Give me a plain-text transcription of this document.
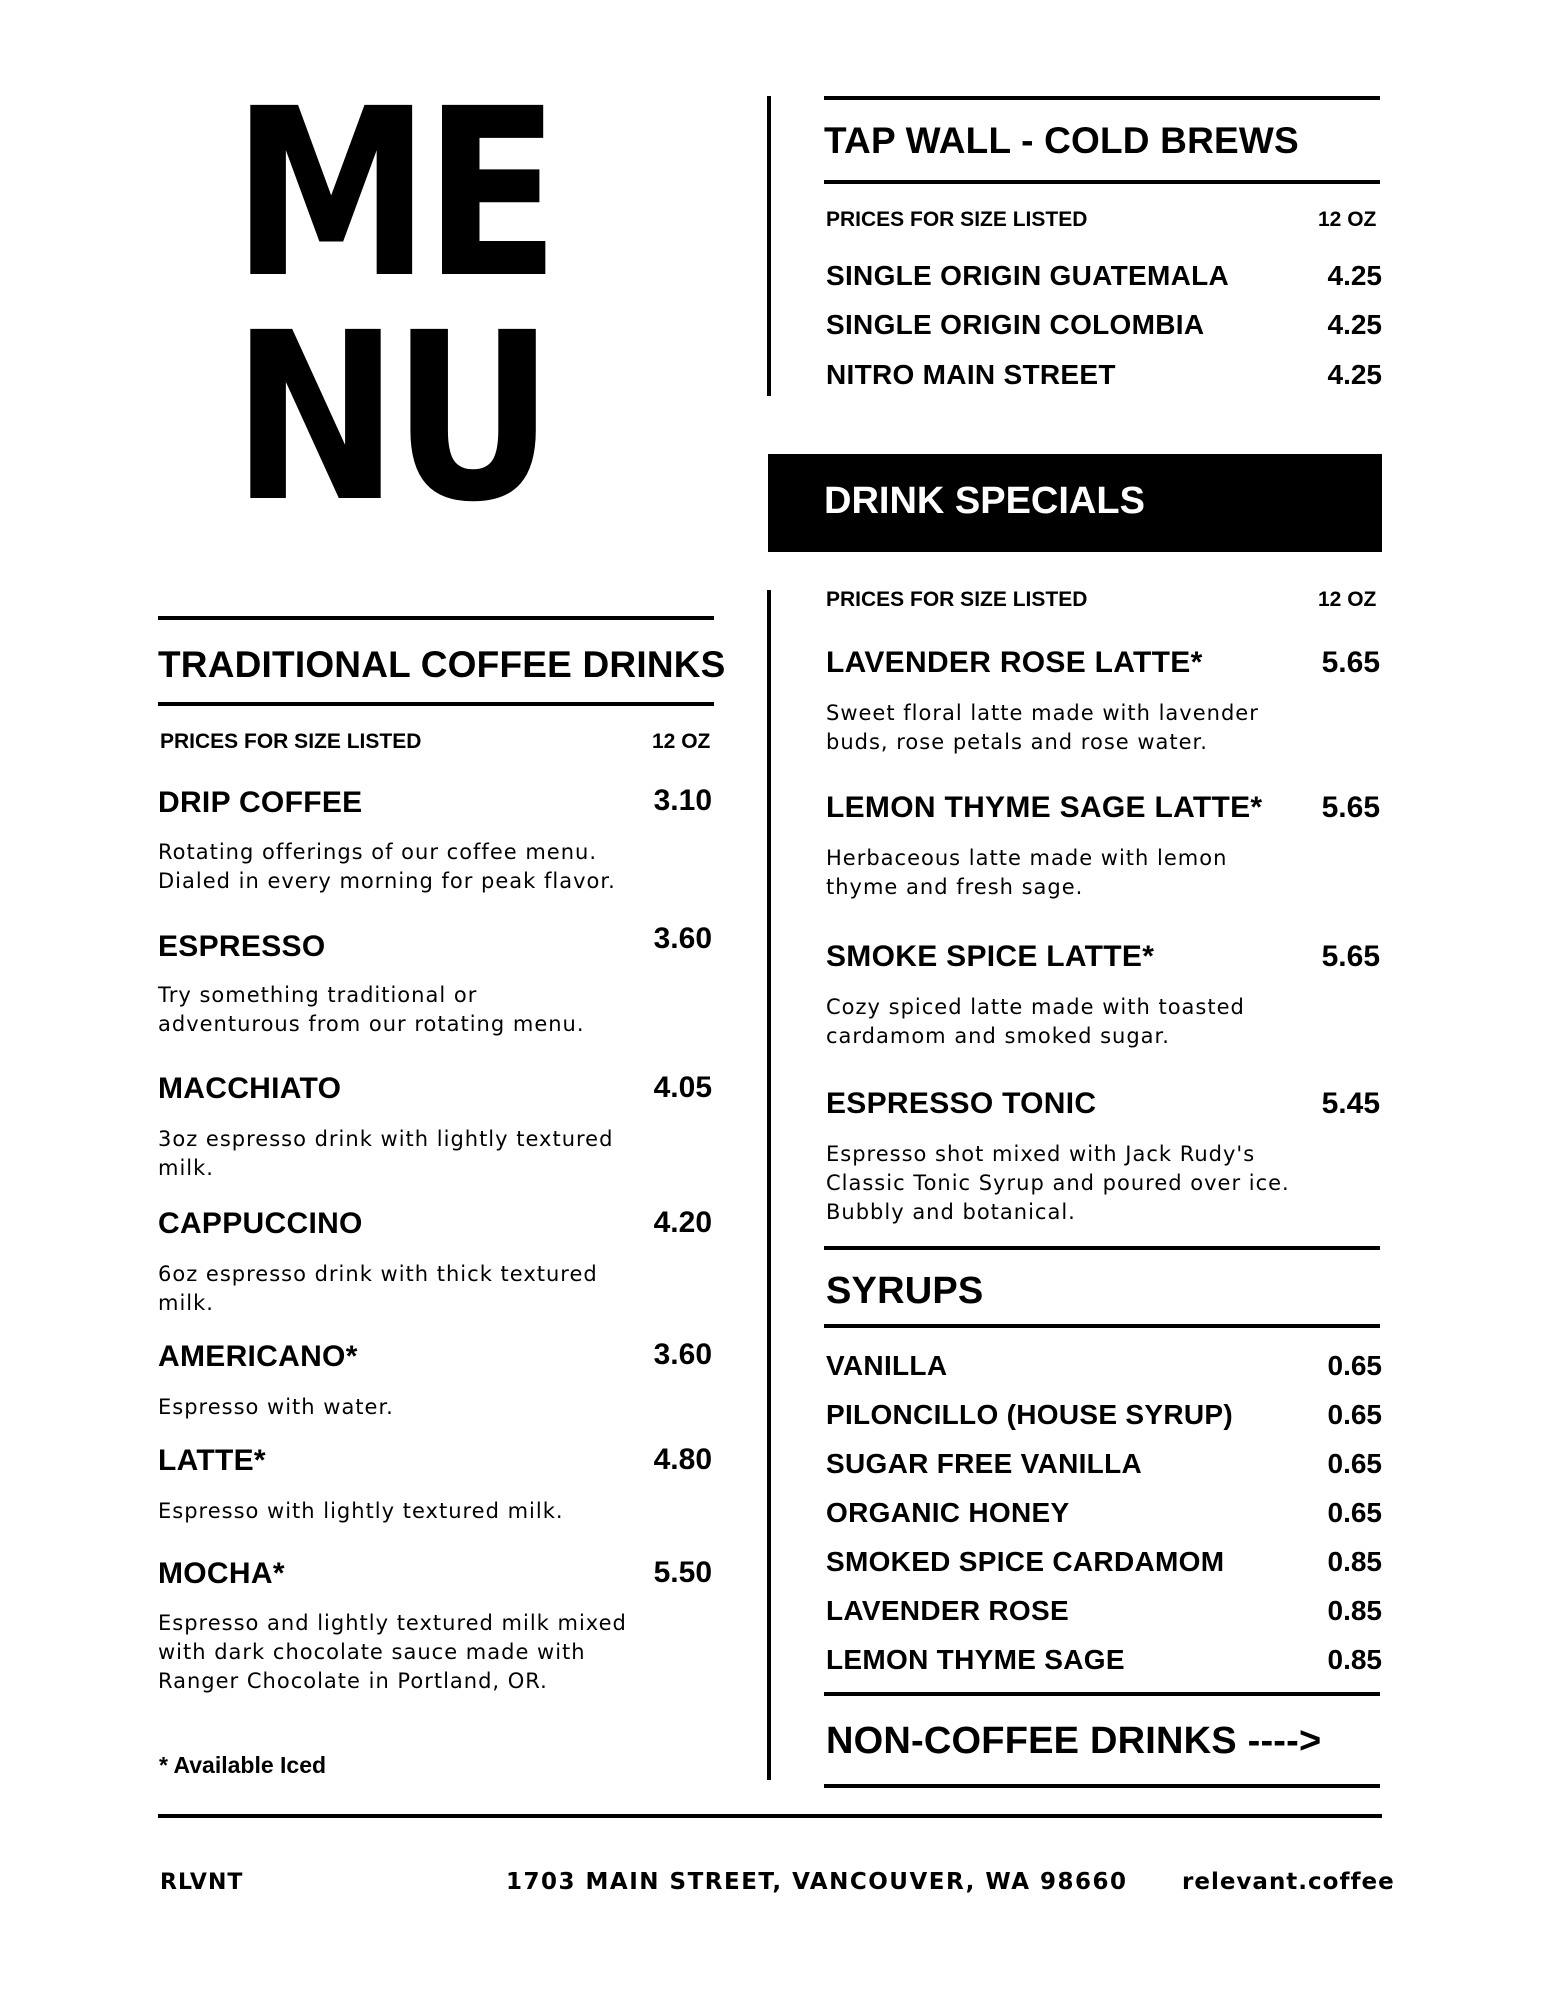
ME
NU
TRADITIONAL COFFEE DRINKS
PRICES FOR SIZE LISTED	12 OZ
DRIP COFFEE	3.10
Rotating offerings of our coffee menu. Dialed in every morning for peak flavor.
ESPRESSO	3.60
Try something traditional or adventurous from our rotating menu.
MACCHIATO	4.05
3oz espresso drink with lightly textured milk.
CAPPUCCINO	4.20
6oz espresso drink with thick textured milk.
AMERICANO*	3.60
Espresso with water.
LATTE*	4.80
Espresso with lightly textured milk.
MOCHA*	5.50
Espresso and lightly textured milk mixed with dark chocolate sauce made with Ranger Chocolate in Portland, OR.
* Available Iced
TAP WALL - COLD BREWS
PRICES FOR SIZE LISTED	12 OZ
SINGLE ORIGIN GUATEMALA	4.25
SINGLE ORIGIN COLOMBIA	4.25
NITRO MAIN STREET	4.25
DRINK SPECIALS
PRICES FOR SIZE LISTED	12 OZ
LAVENDER ROSE LATTE*	5.65
Sweet floral latte made with lavender buds, rose petals and rose water.
LEMON THYME SAGE LATTE*	5.65
Herbaceous latte made with lemon thyme and fresh sage.
SMOKE SPICE LATTE*	5.65
Cozy spiced latte made with toasted cardamom and smoked sugar.
ESPRESSO TONIC	5.45
Espresso shot mixed with Jack Rudy's Classic Tonic Syrup and poured over ice. Bubbly and botanical.
SYRUPS
VANILLA	0.65
PILONCILLO (HOUSE SYRUP)	0.65
SUGAR FREE VANILLA	0.65
ORGANIC HONEY	0.65
SMOKED SPICE CARDAMOM	0.85
LAVENDER ROSE	0.85
LEMON THYME SAGE	0.85
NON-COFFEE DRINKS ---->
RLVNT	1703 MAIN STREET, VANCOUVER, WA 98660 relevant.coffee
